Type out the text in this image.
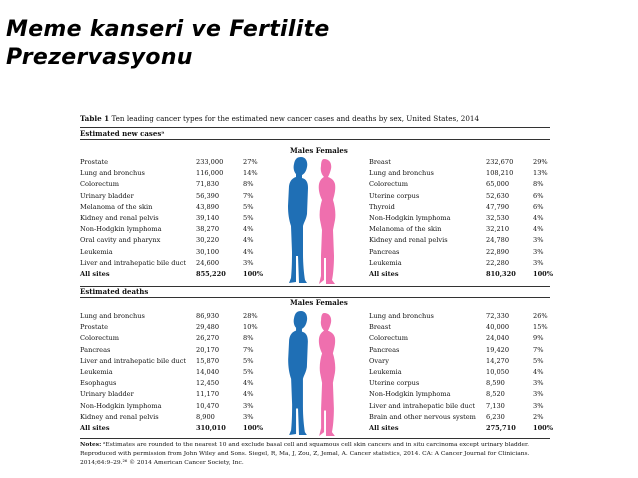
Meme kanseri ve Fertilite
Prezervasyonu
Table 1 Ten leading cancer types for the estimated new cancer cases and deaths by sex, United States, 2014
Estimated new casesᵃ
Males Females
Prostate	233,000	27%
Lung and bronchus	116,000	14%
Colorectum	71,830	8%
Urinary bladder	56,390	7%
Melanoma of the skin	43,890	5%
Kidney and renal pelvis	39,140	5%
Non-Hodgkin lymphoma	38,270	4%
Oral cavity and pharynx	30,220	4%
Leukemia	30,100	4%
Liver and intrahepatic bile duct 24,600	3%
All sites	855,220	100%
Breast	232,670	29%
Lung and bronchus	108,210	13%
Colorectum	65,000	8%
Uterine corpus	52,630	6%
Thyroid	47,790	6%
Non-Hodgkin lymphoma	32,530	4%
Melanoma of the skin	32,210	4%
Kidney and renal pelvis	24,780	3%
Pancreas	22,890	3%
Leukemia	22,280	3%
All sites	810,320	100%
Estimated deaths
Males Females
Lung and bronchus	86,930	28%
Prostate	29,480	10%
Colorectum	26,270	8%
Pancreas	20,170	7%
Liver and intrahepatic bile duct 15,870	5%
Leukemia	14,040	5%
Esophagus	12,450	4%
Urinary bladder	11,170	4%
Non-Hodgkin lymphoma	10,470	3%
Kidney and renal pelvis	8,900	3%
All sites	310,010	100%
Lung and bronchus	72,330	26%
Breast	40,000	15%
Colorectum	24,040	9%
Pancreas	19,420	7%
Ovary	14,270	5%
Leukemia	10,050	4%
Uterine corpus	8,590	3%
Non-Hodgkin lymphoma	8,520	3%
Liver and intrahepatic bile duct 7,130	3%
Brain and other nervous system 6,230	2%
All sites	275,710	100%
Notes: ᵃEstimates are rounded to the nearest 10 and exclude basal cell and squamous cell skin cancers and in situ carcinoma except urinary bladder. Reproduced with permission from John Wiley and Sons. Siegel, R, Ma, J, Zou, Z, Jemal, A. Cancer statistics, 2014. CA: A Cancer Journal for Clinicians. 2014;64:9–29.²⁶ © 2014 American Cancer Society, Inc.
